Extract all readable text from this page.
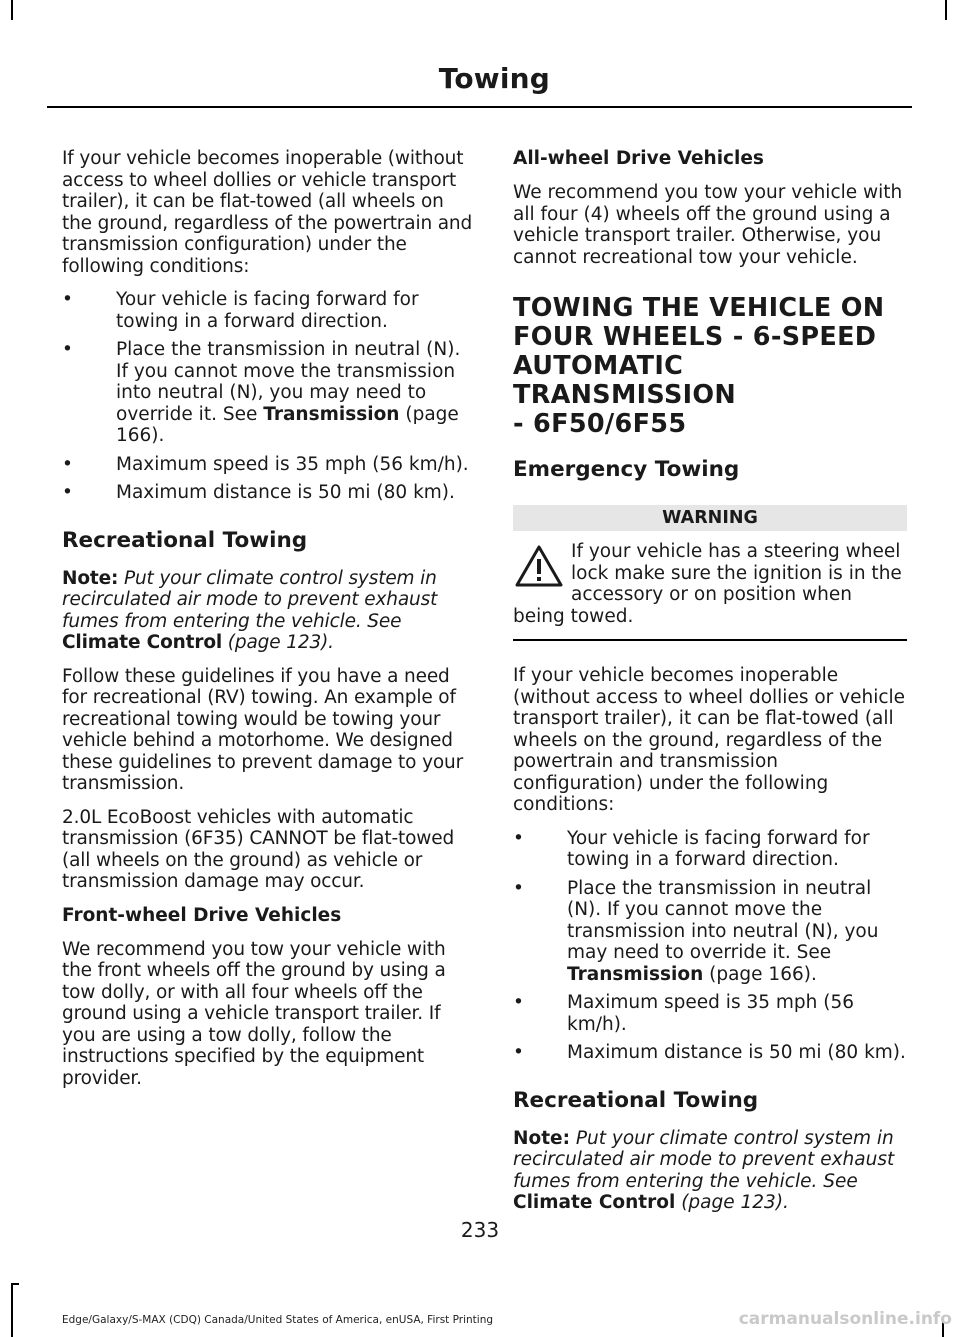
Towing

If your vehicle becomes inoperable (without access to wheel dollies or vehicle transport trailer), it can be flat-towed (all wheels on the ground, regardless of the powertrain and transmission configuration) under the following conditions:

• Your vehicle is facing forward for towing in a forward direction.
• Place the transmission in neutral (N). If you cannot move the transmission into neutral (N), you may need to override it. See Transmission (page 166).
• Maximum speed is 35 mph (56 km/h).
• Maximum distance is 50 mi (80 km).
Recreational Towing

Note: Put your climate control system in recirculated air mode to prevent exhaust fumes from entering the vehicle. See Climate Control (page 123).

Follow these guidelines if you have a need for recreational (RV) towing. An example of recreational towing would be towing your vehicle behind a motorhome. We designed these guidelines to prevent damage to your transmission.

2.0L EcoBoost vehicles with automatic transmission (6F35) CANNOT be flat-towed (all wheels on the ground) as vehicle or transmission damage may occur.

Front-wheel Drive Vehicles

We recommend you tow your vehicle with the front wheels off the ground by using a tow dolly, or with all four wheels off the ground using a vehicle transport trailer. If you are using a tow dolly, follow the instructions specified by the equipment provider.

All-wheel Drive Vehicles

We recommend you tow your vehicle with all four (4) wheels off the ground using a vehicle transport trailer. Otherwise, you cannot recreational tow your vehicle.

TOWING THE VEHICLE ON
FOUR WHEELS - 6-SPEED
AUTOMATIC TRANSMISSION
- 6F50/6F55
Emergency Towing
WARNING
If your vehicle has a steering wheel lock make sure the ignition is in the accessory or on position when being towed.

If your vehicle becomes inoperable (without access to wheel dollies or vehicle transport trailer), it can be flat-towed (all wheels on the ground, regardless of the powertrain and transmission configuration) under the following conditions:

• Your vehicle is facing forward for towing in a forward direction.
• Place the transmission in neutral (N). If you cannot move the transmission into neutral (N), you may need to override it. See Transmission (page 166).
• Maximum speed is 35 mph (56 km/h).
• Maximum distance is 50 mi (80 km).
Recreational Towing

Note: Put your climate control system in recirculated air mode to prevent exhaust fumes from entering the vehicle. See Climate Control (page 123).

233
Edge/Galaxy/S-MAX (CDQ) Canada/United States of America, enUSA, First Printing	carmanualsonline.info
